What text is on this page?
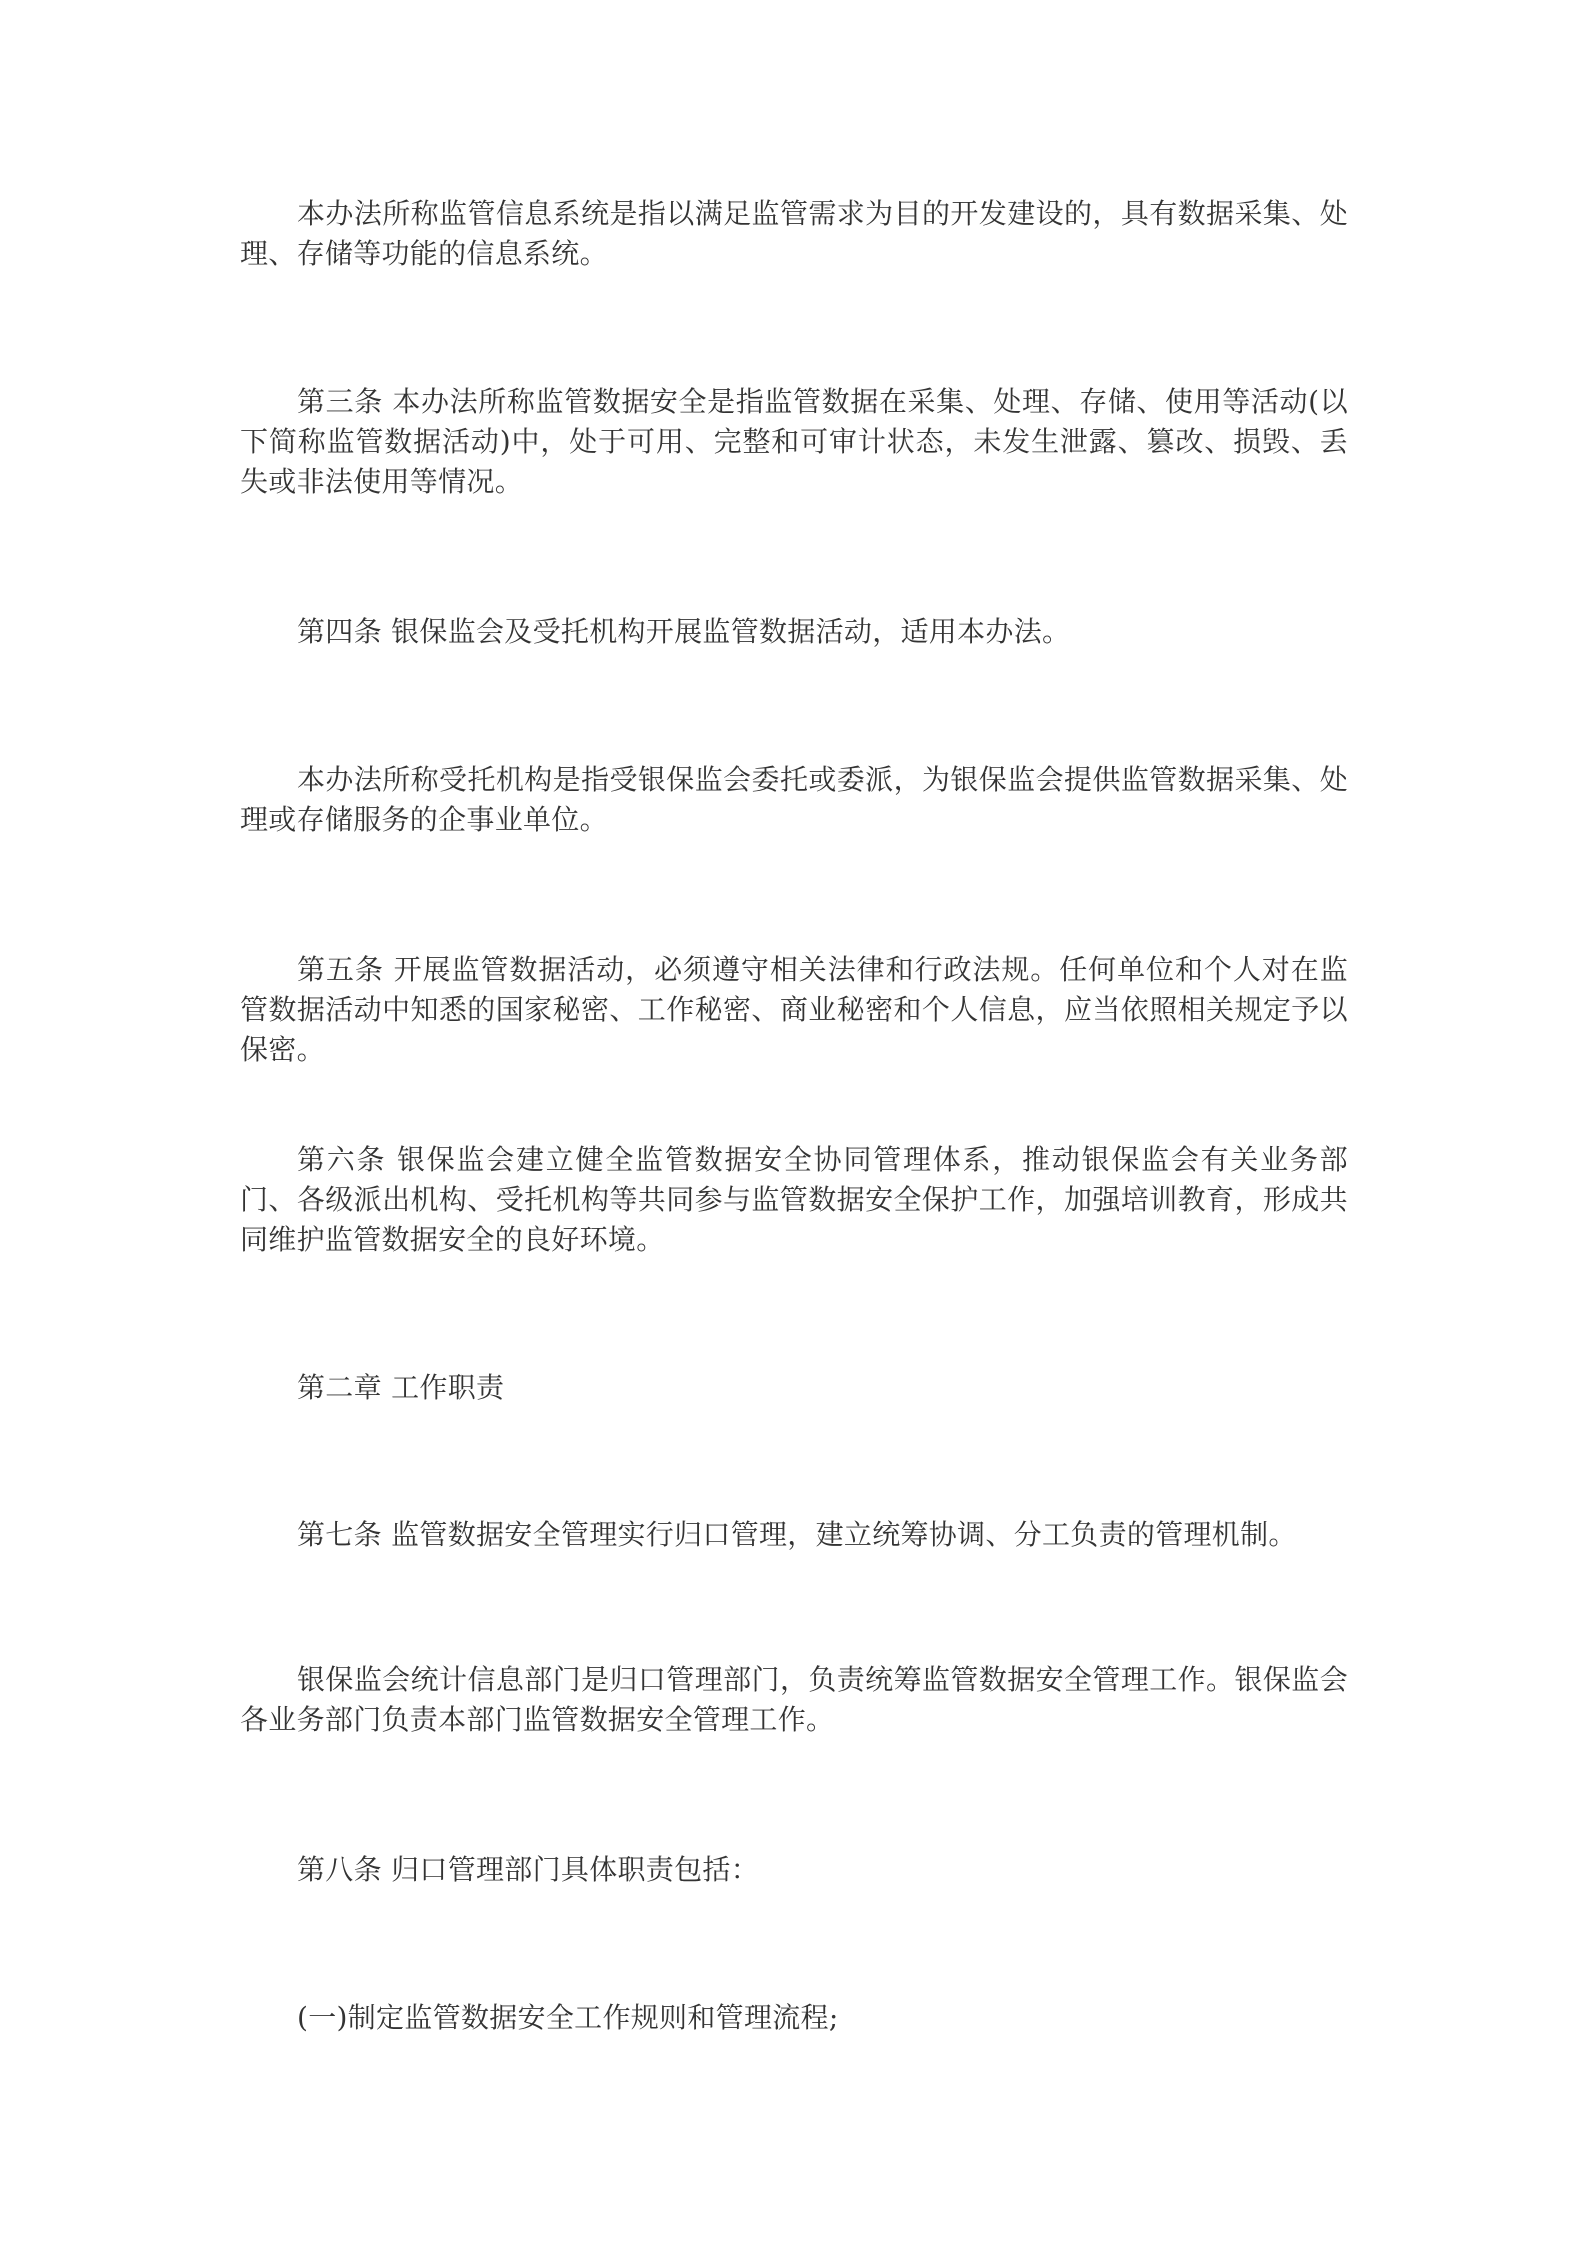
本办法所称监管信息系统是指以满足监管需求为目的开发建设的，具有数据采集、处理、存储等功能的信息系统。

第三条 本办法所称监管数据安全是指监管数据在采集、处理、存储、使用等活动(以下简称监管数据活动)中，处于可用、完整和可审计状态，未发生泄露、篡改、损毁、丢失或非法使用等情况。

第四条 银保监会及受托机构开展监管数据活动，适用本办法。

本办法所称受托机构是指受银保监会委托或委派，为银保监会提供监管数据采集、处理或存储服务的企事业单位。

第五条 开展监管数据活动，必须遵守相关法律和行政法规。任何单位和个人对在监管数据活动中知悉的国家秘密、工作秘密、商业秘密和个人信息，应当依照相关规定予以保密。

第六条 银保监会建立健全监管数据安全协同管理体系，推动银保监会有关业务部门、各级派出机构、受托机构等共同参与监管数据安全保护工作，加强培训教育，形成共同维护监管数据安全的良好环境。

第二章 工作职责

第七条 监管数据安全管理实行归口管理，建立统筹协调、分工负责的管理机制。

银保监会统计信息部门是归口管理部门，负责统筹监管数据安全管理工作。银保监会各业务部门负责本部门监管数据安全管理工作。

第八条 归口管理部门具体职责包括：

(一)制定监管数据安全工作规则和管理流程;
